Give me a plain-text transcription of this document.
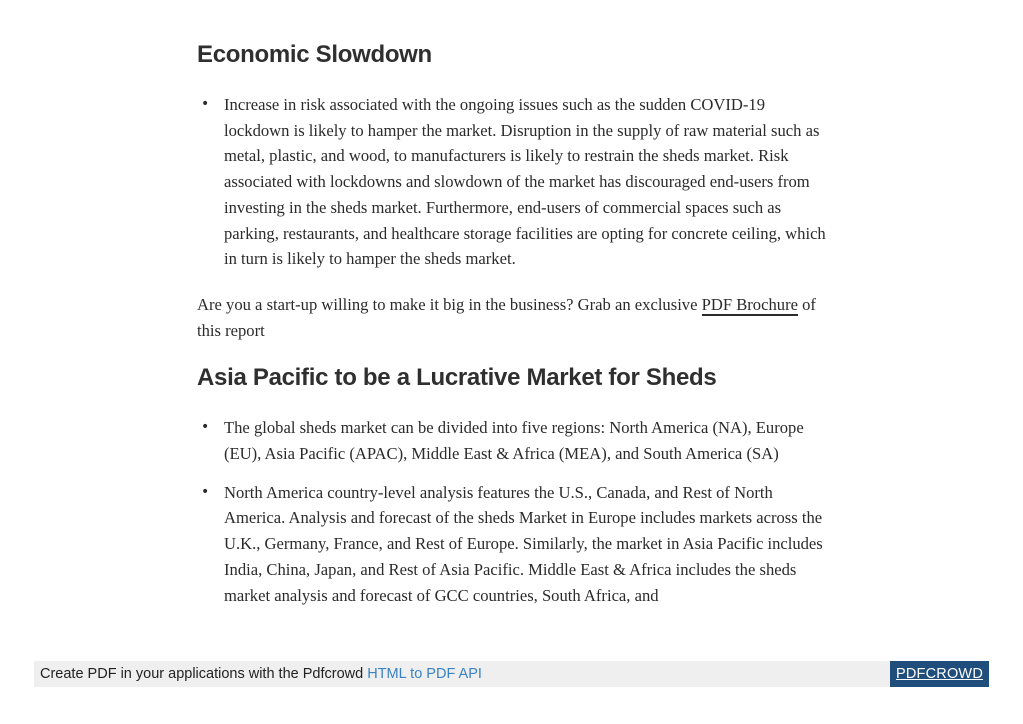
Economic Slowdown
• Increase in risk associated with the ongoing issues such as the sudden COVID-19 lockdown is likely to hamper the market. Disruption in the supply of raw material such as metal, plastic, and wood, to manufacturers is likely to restrain the sheds market. Risk associated with lockdowns and slowdown of the market has discouraged end-users from investing in the sheds market. Furthermore, end-users of commercial spaces such as parking, restaurants, and healthcare storage facilities are opting for concrete ceiling, which in turn is likely to hamper the sheds market.

Are you a start-up willing to make it big in the business? Grab an exclusive PDF Brochure of this report

Asia Pacific to be a Lucrative Market for Sheds
• The global sheds market can be divided into five regions: North America (NA), Europe (EU), Asia Pacific (APAC), Middle East & Africa (MEA), and South America (SA)
• North America country-level analysis features the U.S., Canada, and Rest of North America. Analysis and forecast of the sheds Market in Europe includes markets across the U.K., Germany, France, and Rest of Europe. Similarly, the market in Asia Pacific includes India, China, Japan, and Rest of Asia Pacific. Middle East & Africa includes the sheds market analysis and forecast of GCC countries, South Africa, and
Create PDF in your applications with the Pdfcrowd HTML to PDF API	PDFCROWD
